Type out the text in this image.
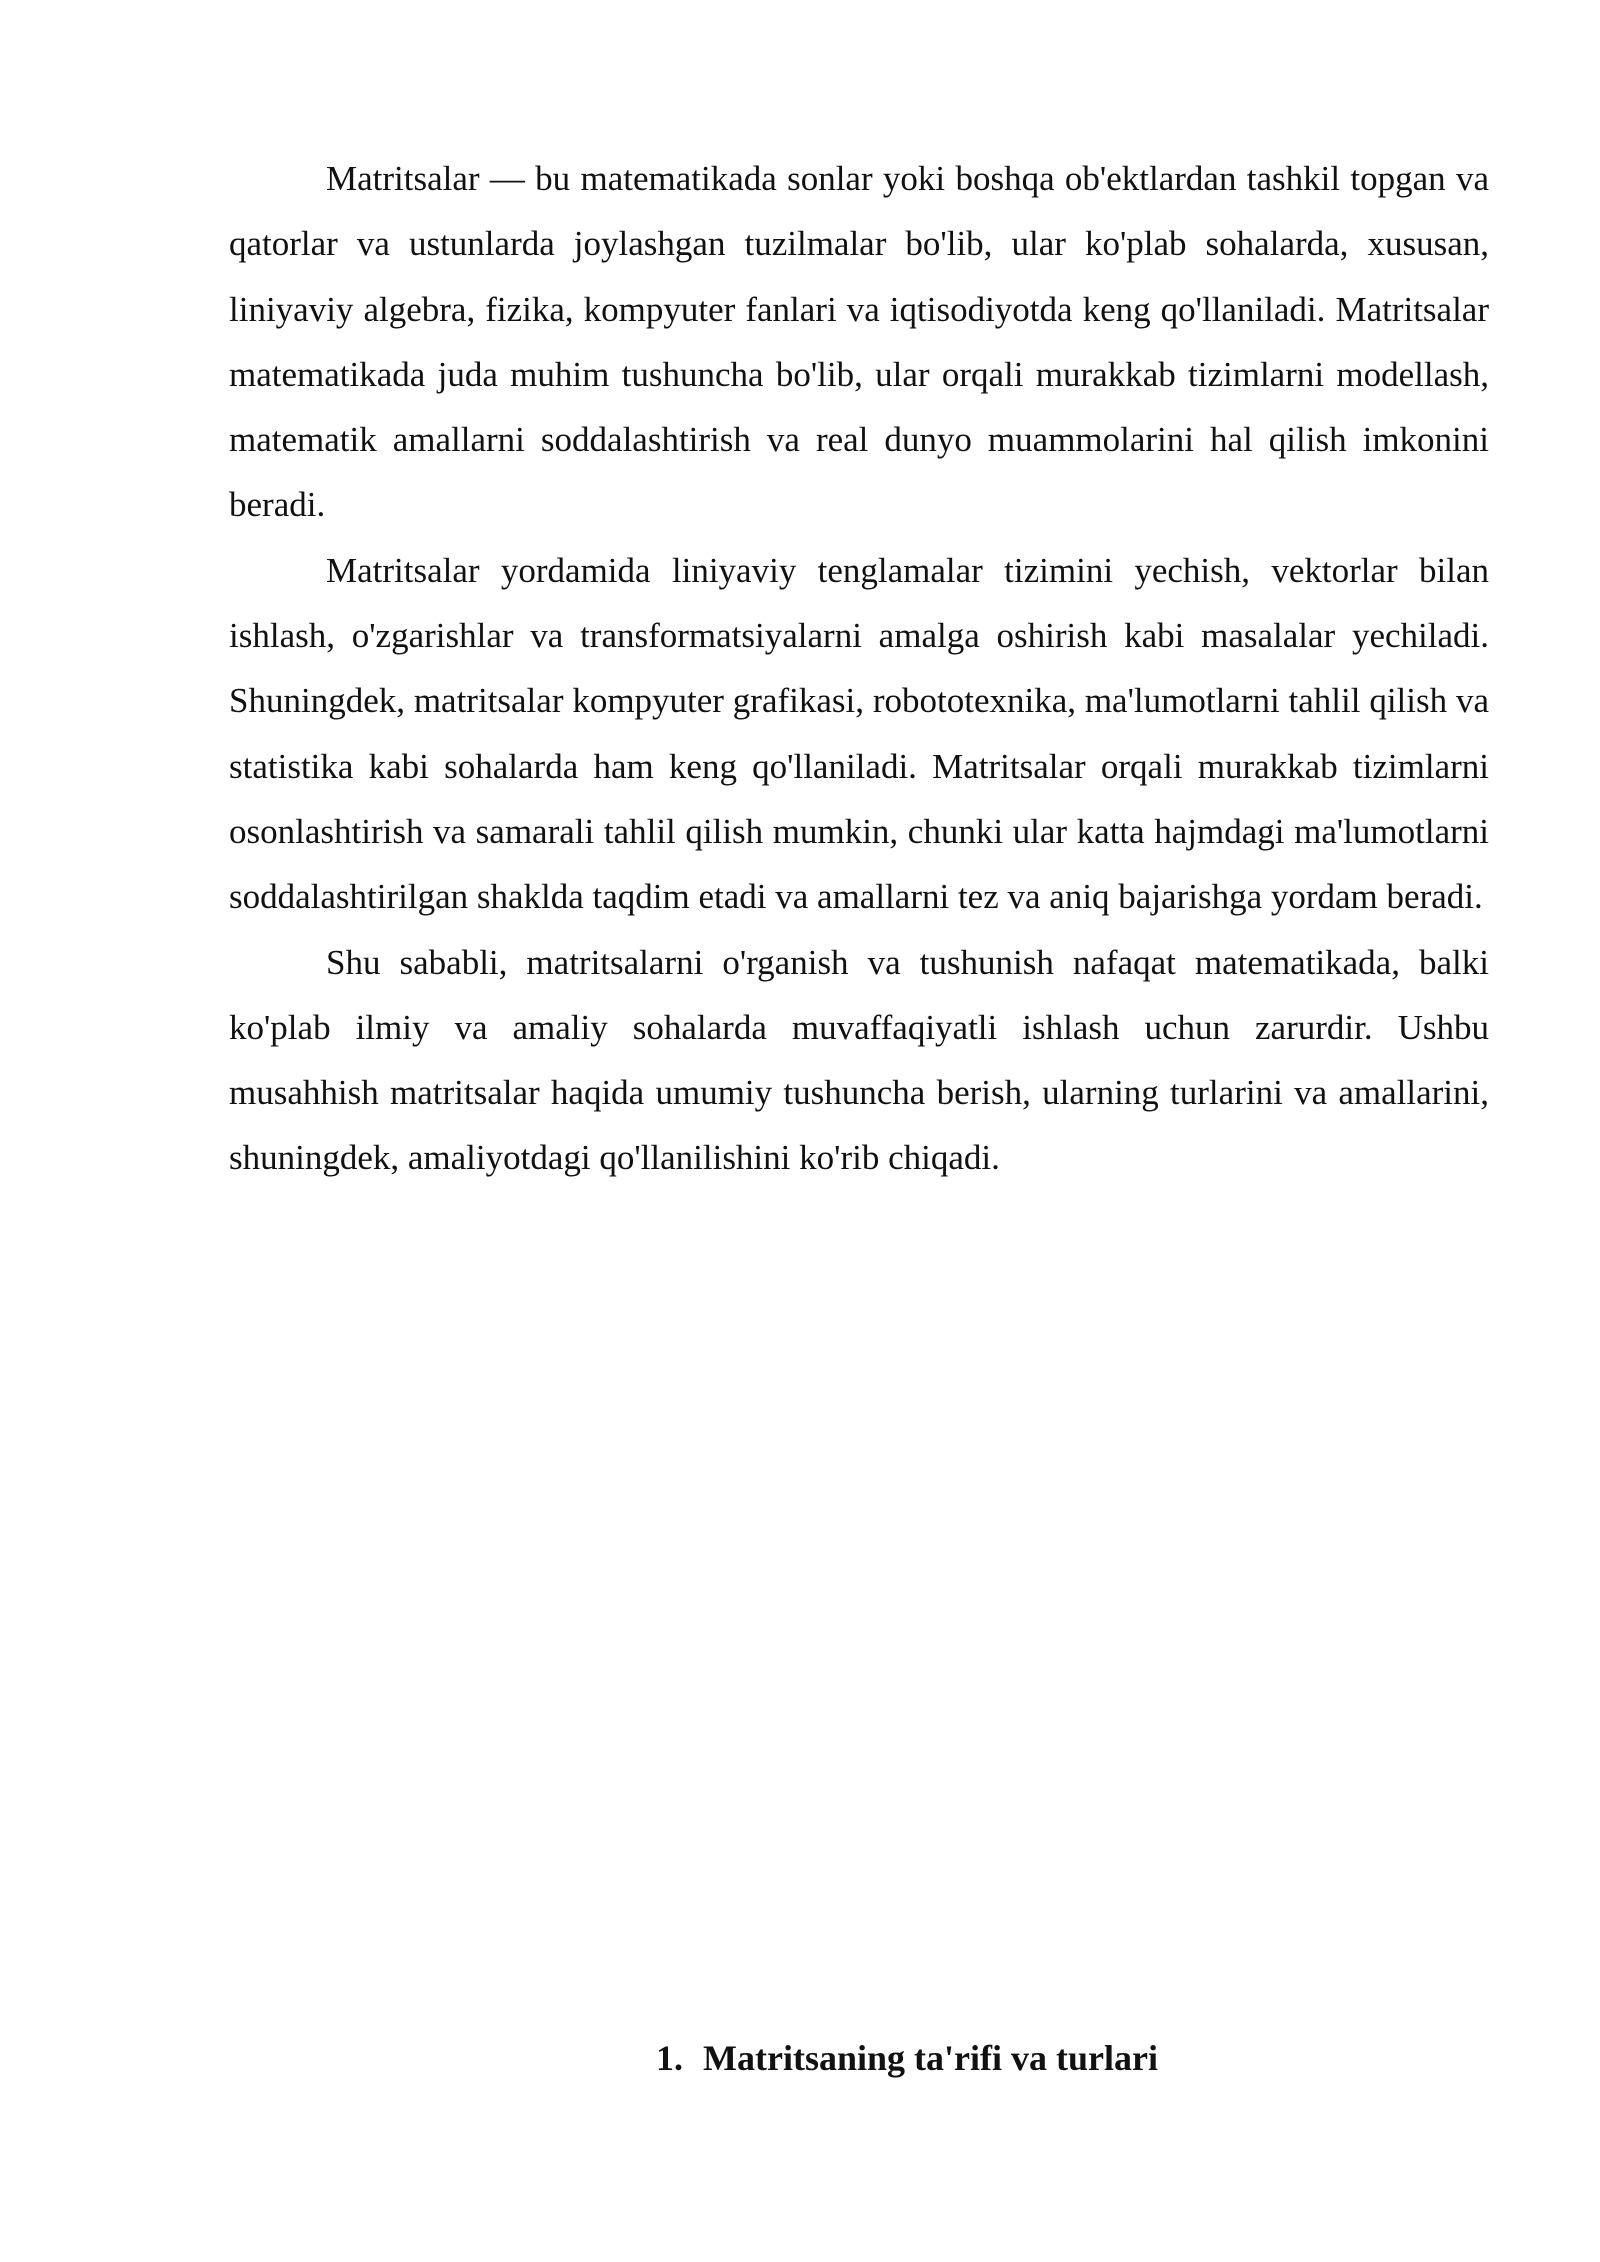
Matritsalar — bu matematikada sonlar yoki boshqa ob'ektlardan tashkil topgan va qatorlar va ustunlarda joylashgan tuzilmalar bo'lib, ular ko'plab sohalarda, xususan, liniyaviy algebra, fizika, kompyuter fanlari va iqtisodiyotda keng qo'llaniladi. Matritsalar matematikada juda muhim tushuncha bo'lib, ular orqali murakkab tizimlarni modellash, matematik amallarni soddalashtirish va real dunyo muammolarini hal qilish imkonini beradi.

Matritsalar yordamida liniyaviy tenglamalar tizimini yechish, vektorlar bilan ishlash, o'zgarishlar va transformatsiyalarni amalga oshirish kabi masalalar yechiladi. Shuningdek, matritsalar kompyuter grafikasi, robototexnika, ma'lumotlarni tahlil qilish va statistika kabi sohalarda ham keng qo'llaniladi. Matritsalar orqali murakkab tizimlarni osonlashtirish va samarali tahlil qilish mumkin, chunki ular katta hajmdagi ma'lumotlarni soddalashtirilgan shaklda taqdim etadi va amallarni tez va aniq bajarishga yordam beradi.

Shu sababli, matritsalarni o'rganish va tushunish nafaqat matematikada, balki ko'plab ilmiy va amaliy sohalarda muvaffaqiyatli ishlash uchun zarurdir. Ushbu musahhish matritsalar haqida umumiy tushuncha berish, ularning turlarini va amallarini, shuningdek, amaliyotdagi qo'llanilishini ko'rib chiqadi.

1. Matritsaning ta'rifi va turlari
